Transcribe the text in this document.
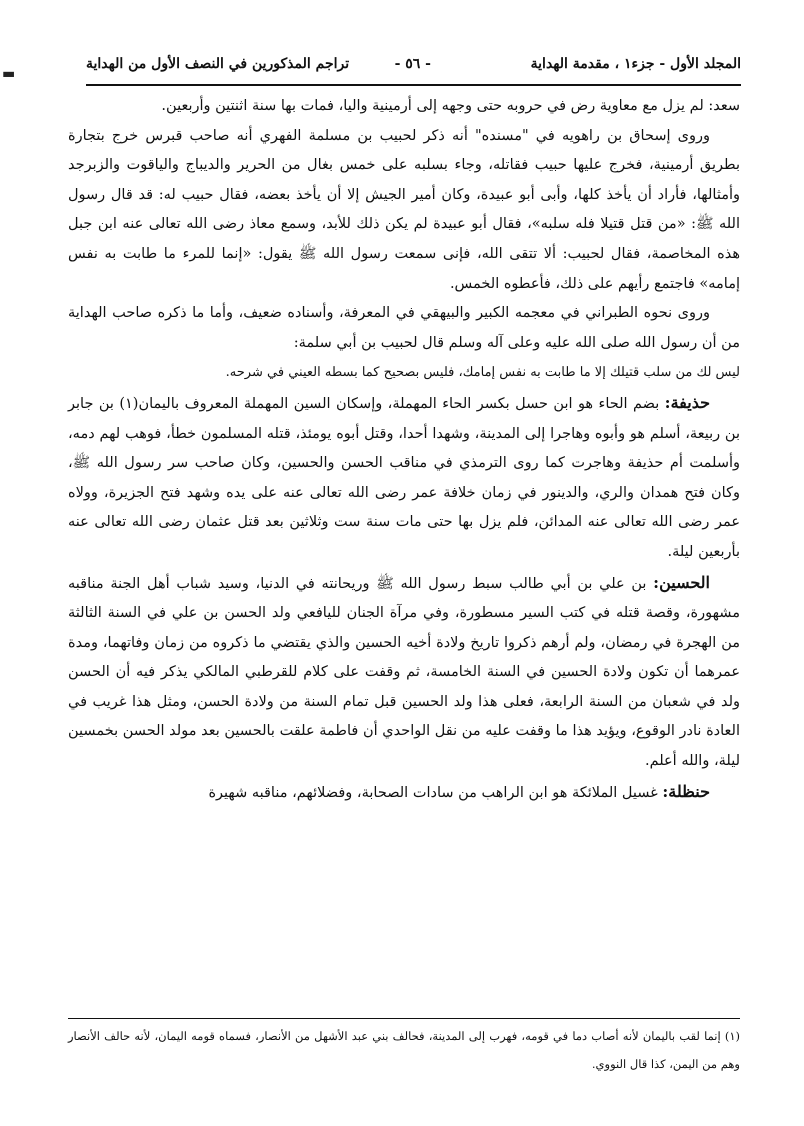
المجلد الأول - جزء١ ، مقدمة الهداية
- ٥٦ -
تراجم المذكورين في النصف الأول من الهداية
▬

سعد: لم يزل مع معاوية رض في حروبه حتى وجهه إلى أرمينية واليا، فمات بها سنة اثنتين وأربعين.

وروى إسحاق بن راهويه في "مسنده" أنه ذكر لحبيب بن مسلمة الفهري أنه صاحب قبرس خرج بتجارة بطريق أرمينية، فخرج عليها حبيب فقاتله، وجاء بسلبه على خمس بغال من الحرير والديباج والياقوت والزبرجد وأمثالها، فأراد أن يأخذ كلها، وأبى أبو عبيدة، وكان أمير الجيش إلا أن يأخذ بعضه، فقال حبيب له: قد قال رسول الله ﷺ: «من قتل قتيلا فله سلبه»، فقال أبو عبيدة لم يكن ذلك للأبد، وسمع معاذ رضى الله تعالى عنه ابن جبل هذه المخاصمة، فقال لحبيب: ألا تتقى الله، فإنى سمعت رسول الله ﷺ يقول: «إنما للمرء ما طابت به نفس إمامه» فاجتمع رأيهم على ذلك، فأعطوه الخمس.

وروى نحوه الطبراني في معجمه الكبير والبيهقي في المعرفة، وأسناده ضعيف، وأما ما ذكره صاحب الهداية من أن رسول الله صلى الله عليه وعلى آله وسلم قال لحبيب بن أبي سلمة:

ليس لك من سلب قتيلك إلا ما طابت به نفس إمامك، فليس بصحيح كما بسطه العيني في شرحه.

حذيفة: بضم الحاء هو ابن حسل بكسر الحاء المهملة، وإسكان السين المهملة المعروف باليمان(١) بن جابر بن ربيعة، أسلم هو وأبوه وهاجرا إلى المدينة، وشهدا أحدا، وقتل أبوه يومئذ، قتله المسلمون خطأ، فوهب لهم دمه، وأسلمت أم حذيفة وهاجرت كما روى الترمذي في مناقب الحسن والحسين، وكان صاحب سر رسول الله ﷺ، وكان فتح همدان والري، والدينور في زمان خلافة عمر رضى الله تعالى عنه على يده وشهد فتح الجزيرة، وولاه عمر رضى الله تعالى عنه المدائن، فلم يزل بها حتى مات سنة ست وثلاثين بعد قتل عثمان رضى الله تعالى عنه بأربعين ليلة.

الحسين: بن علي بن أبي طالب سبط رسول الله ﷺ وريحانته في الدنيا، وسيد شباب أهل الجنة مناقبه مشهورة، وقصة قتله في كتب السير مسطورة، وفي مرآة الجنان لليافعي ولد الحسن بن علي في السنة الثالثة من الهجرة في رمضان، ولم أرهم ذكروا تاريخ ولادة أخيه الحسين والذي يقتضي ما ذكروه من زمان وفاتهما، ومدة عمرهما أن تكون ولادة الحسين في السنة الخامسة، ثم وقفت على كلام للقرطبي المالكي يذكر فيه أن الحسن ولد في شعبان من السنة الرابعة، فعلى هذا ولد الحسين قبل تمام السنة من ولادة الحسن، ومثل هذا غريب في العادة نادر الوقوع، ويؤيد هذا ما وقفت عليه من نقل الواحدي أن فاطمة علقت بالحسين بعد مولد الحسن بخمسين ليلة، والله أعلم.

حنظلة: غسيل الملائكة هو ابن الراهب من سادات الصحابة، وفضلائهم، مناقبه شهيرة

(١) إنما لقب باليمان لأنه أصاب دما في قومه، فهرب إلى المدينة، فحالف بني عبد الأشهل من الأنصار، فسماه قومه اليمان، لأنه حالف الأنصار وهم من اليمن، كذا قال النووي.
